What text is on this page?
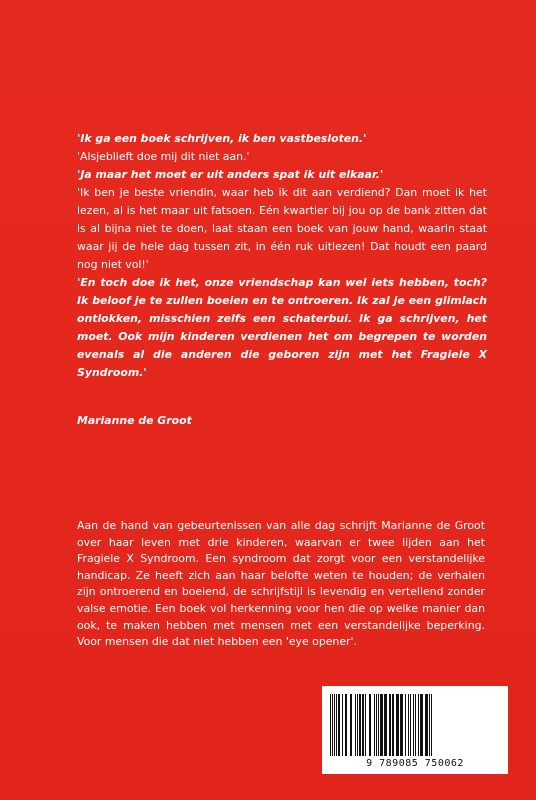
'Ik ga een boek schrijven, ik ben vastbesloten.'

'Alsjeblieft doe mij dit niet aan.'

'Ja maar het moet er uit anders spat ik uit elkaar.'

'Ik ben je beste vriendin, waar heb ik dit aan verdiend? Dan moet ik het lezen, al is het maar uit fatsoen. Eén kwartier bij jou op de bank zitten dat is al bijna niet te doen, laat staan een boek van jouw hand, waarin staat waar jij de hele dag tussen zit, in één ruk uitlezen! Dat houdt een paard nog niet vol!'

'En toch doe ik het, onze vriendschap kan wel iets hebben, toch? Ik beloof je te zullen boeien en te ontroeren. Ik zal je een glimlach ontlokken, misschien zelfs een schaterbui. Ik ga schrijven, het moet. Ook mijn kinderen verdienen het om begrepen te worden evenals al die anderen die geboren zijn met het Fragiele X Syndroom.'

Marianne de Groot

Aan de hand van gebeurtenissen van alle dag schrijft Marianne de Groot over haar leven met drie kinderen, waarvan er twee lijden aan het Fragiele X Syndroom. Een syndroom dat zorgt voor een verstandelijke handicap. Ze heeft zich aan haar belofte weten te houden; de verhalen zijn ontroerend en boeiend, de schrijfstijl is levendig en vertellend zonder valse emotie. Een boek vol herkenning voor hen die op welke manier dan ook, te maken hebben met mensen met een verstandelijke beperking. Voor mensen die dat niet hebben een 'eye opener'.

9 789085 750062
